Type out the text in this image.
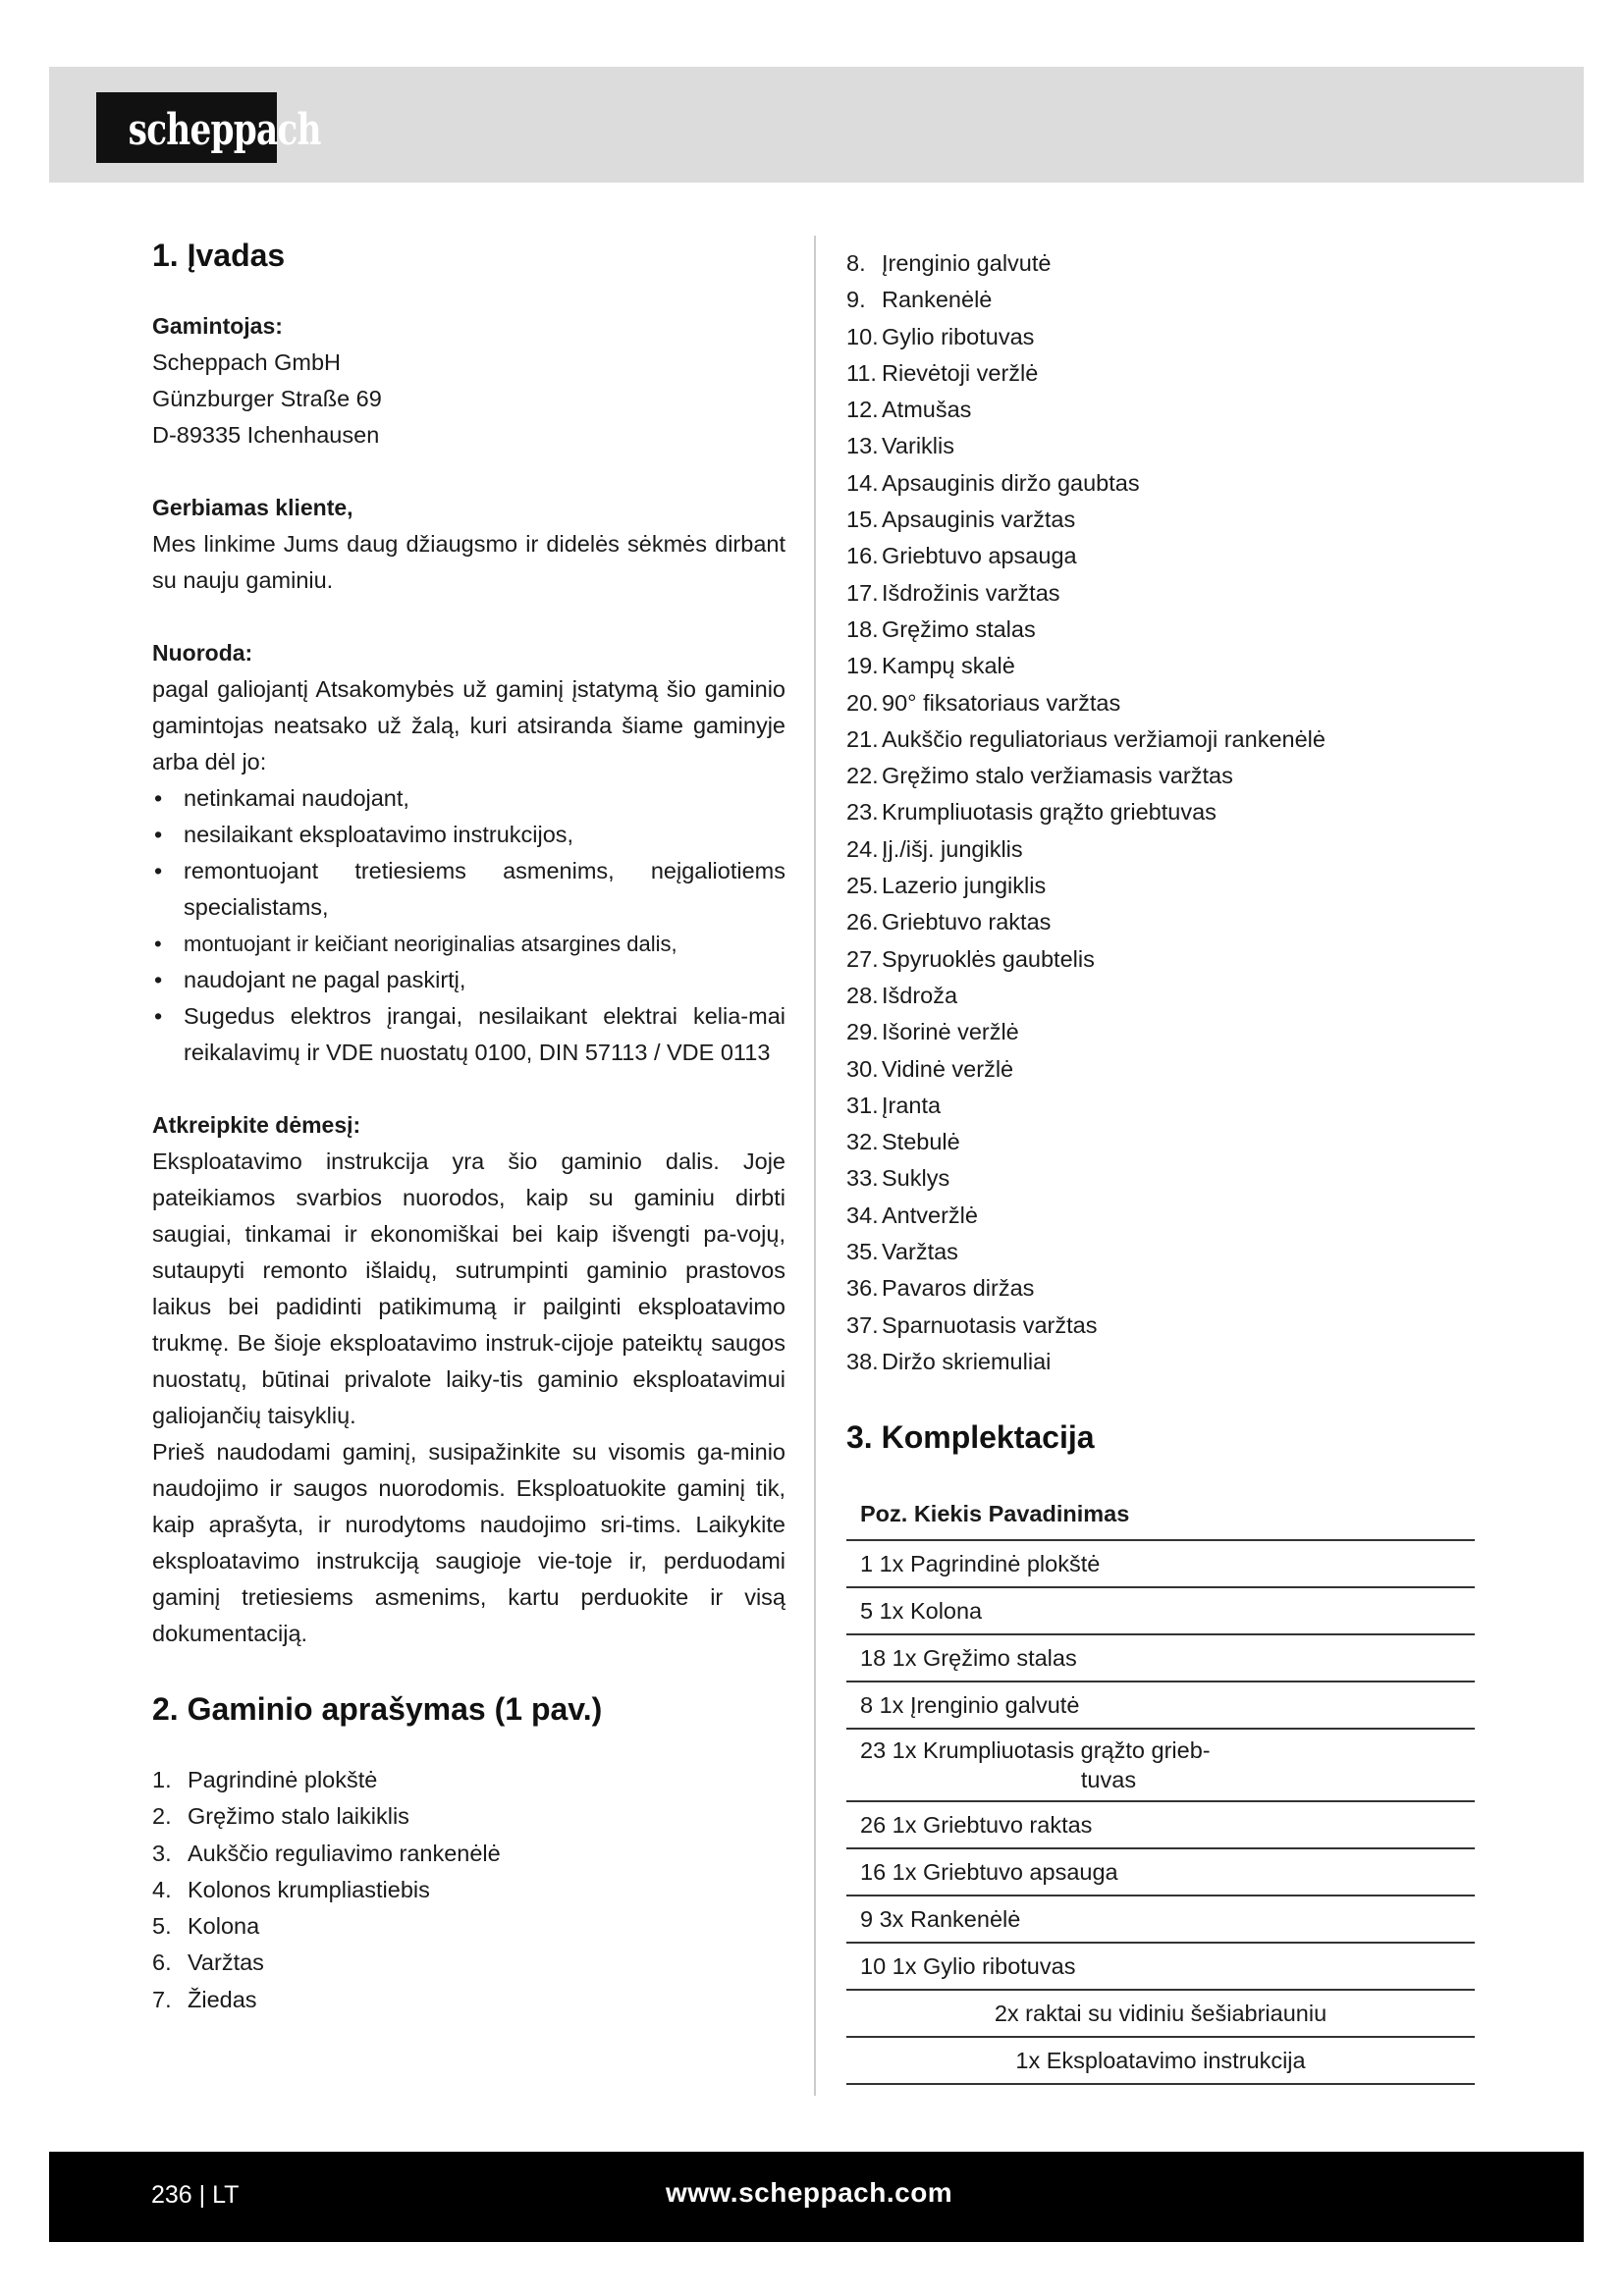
scheppach
1. Įvadas

Gamintojas:

Scheppach GmbH

Günzburger Straße 69

D-89335 Ichenhausen

Gerbiamas kliente,

Mes linkime Jums daug džiaugsmo ir didelės sėkmės dirbant su nauju gaminiu.

Nuoroda:

pagal galiojantį Atsakomybės už gaminį įstatymą šio gaminio gamintojas neatsako už žalą, kuri atsiranda šiame gaminyje arba dėl jo:

• netinkamai naudojant,
• nesilaikant eksploatavimo instrukcijos,
• remontuojant tretiesiems asmenims, neįgaliotiems specialistams,
• montuojant ir keičiant neoriginalias atsargines dalis,
• naudojant ne pagal paskirtį,
• Sugedus elektros įrangai, nesilaikant elektrai kelia-mai reikalavimų ir VDE nuostatų 0100, DIN 57113 / VDE 0113

Atkreipkite dėmesį:

Eksploatavimo instrukcija yra šio gaminio dalis. Joje pateikiamos svarbios nuorodos, kaip su gaminiu dirbti saugiai, tinkamai ir ekonomiškai bei kaip išvengti pa-vojų, sutaupyti remonto išlaidų, sutrumpinti gaminio prastovos laikus bei padidinti patikimumą ir pailginti eksploatavimo trukmę. Be šioje eksploatavimo instruk-cijoje pateiktų saugos nuostatų, būtinai privalote laiky-tis gaminio eksploatavimui galiojančių taisyklių.

Prieš naudodami gaminį, susipažinkite su visomis ga-minio naudojimo ir saugos nuorodomis. Eksploatuokite gaminį tik, kaip aprašyta, ir nurodytoms naudojimo sri-tims. Laikykite eksploatavimo instrukciją saugioje vie-toje ir, perduodami gaminį tretiesiems asmenims, kartu perduokite ir visą dokumentaciją.

2. Gaminio aprašymas (1 pav.)
1. Pagrindinė plokštė
2. Gręžimo stalo laikiklis
3. Aukščio reguliavimo rankenėlė
4. Kolonos krumpliastiebis
5. Kolona
6. Varžtas
7. Žiedas
8. Įrenginio galvutė
9. Rankenėlė
10. Gylio ribotuvas
11. Rievėtoji veržlė
12. Atmušas
13. Variklis
14. Apsauginis diržo gaubtas
15. Apsauginis varžtas
16. Griebtuvo apsauga
17. Išdrožinis varžtas
18. Gręžimo stalas
19. Kampų skalė
20. 90° fiksatoriaus varžtas
21. Aukščio reguliatoriaus veržiamoji rankenėlė
22. Gręžimo stalo veržiamasis varžtas
23. Krumpliuotasis grąžto griebtuvas
24. Įj./išj. jungiklis
25. Lazerio jungiklis
26. Griebtuvo raktas
27. Spyruoklės gaubtelis
28. Išdroža
29. Išorinė veržlė
30. Vidinė veržlė
31. Įranta
32. Stebulė
33. Suklys
34. Antveržlė
35. Varžtas
36. Pavaros diržas
37. Sparnuotasis varžtas
38. Diržo skriemuliai
3. Komplektacija
Poz. Kiekis Pavadinimas
1 1x Pagrindinė plokštė
5 1x Kolona
18 1x Gręžimo stalas
8 1x Įrenginio galvutė

23 1x Krumpliuotasis grąžto grieb-
tuvas

26 1x Griebtuvo raktas
16 1x Griebtuvo apsauga
9 3x Rankenėlė
10 1x Gylio ribotuvas
2x raktai su vidiniu šešiabriauniu
1x Eksploatavimo instrukcija
236 | LT	www.scheppach.com
